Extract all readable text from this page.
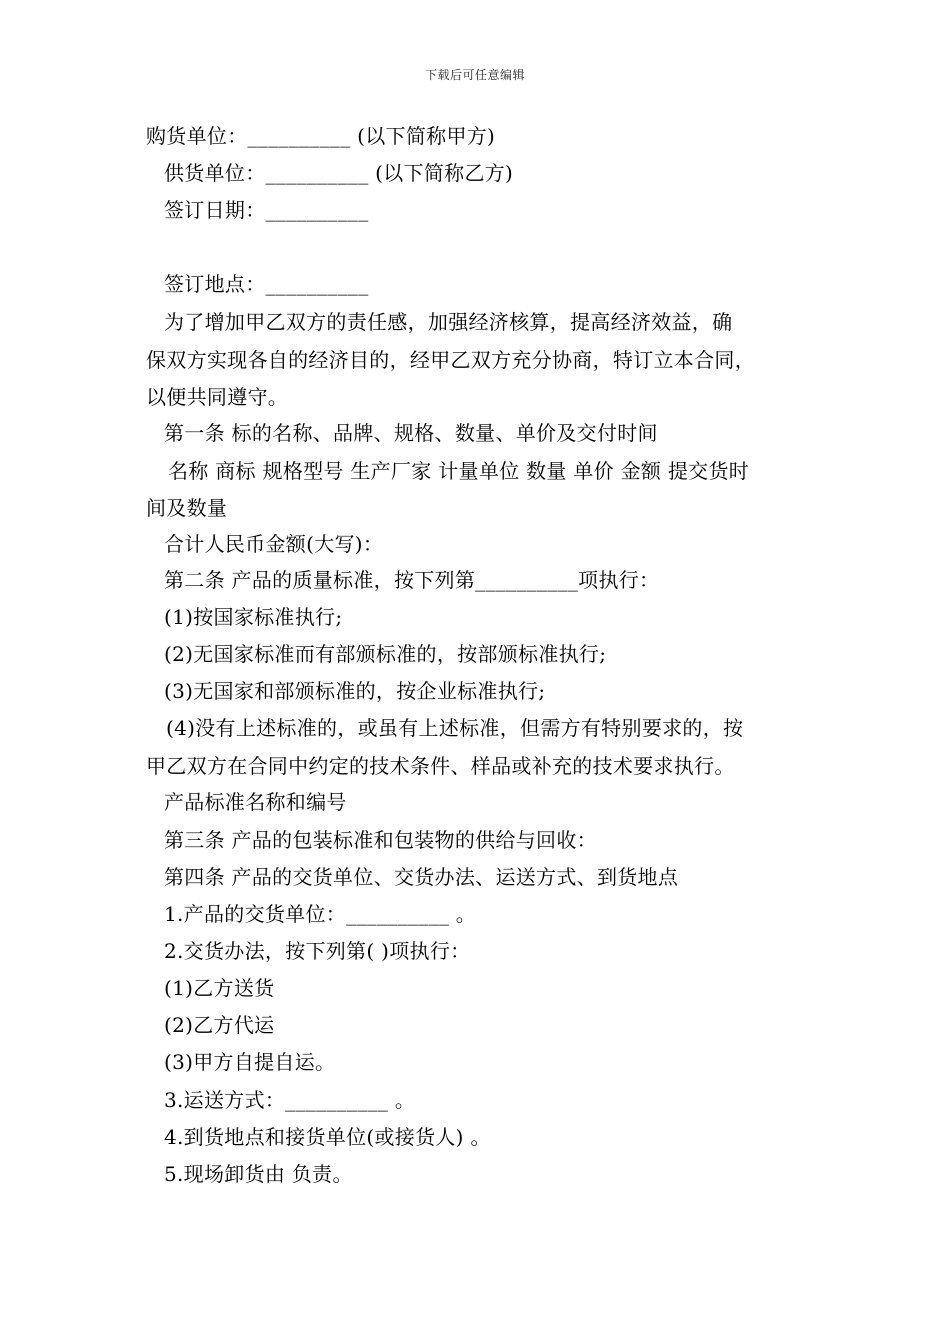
下载后可任意编辑
购货单位：__________ (以下简称甲方)
供货单位：__________ (以下简称乙方)
签订日期：__________
签订地点：__________
为了增加甲乙双方的责任感，加强经济核算，提高经济效益，确
保双方实现各自的经济目的，经甲乙双方充分协商，特订立本合同，
以便共同遵守。
第一条 标的名称、品牌、规格、数量、单价及交付时间
名称 商标 规格型号 生产厂家 计量单位 数量 单价 金额 提交货时
间及数量
合计人民币金额(大写)：
第二条 产品的质量标准，按下列第__________项执行：
(1)按国家标准执行;
(2)无国家标准而有部颁标准的，按部颁标准执行;
(3)无国家和部颁标准的，按企业标准执行;
(4)没有上述标准的，或虽有上述标准，但需方有特别要求的，按
甲乙双方在合同中约定的技术条件、样品或补充的技术要求执行。
产品标准名称和编号
第三条 产品的包装标准和包装物的供给与回收：
第四条 产品的交货单位、交货办法、运送方式、到货地点
1.产品的交货单位：__________ 。
2.交货办法，按下列第( )项执行：
(1)乙方送货
(2)乙方代运
(3)甲方自提自运。
3.运送方式：__________ 。
4.到货地点和接货单位(或接货人) 。
5.现场卸货由 负责。
